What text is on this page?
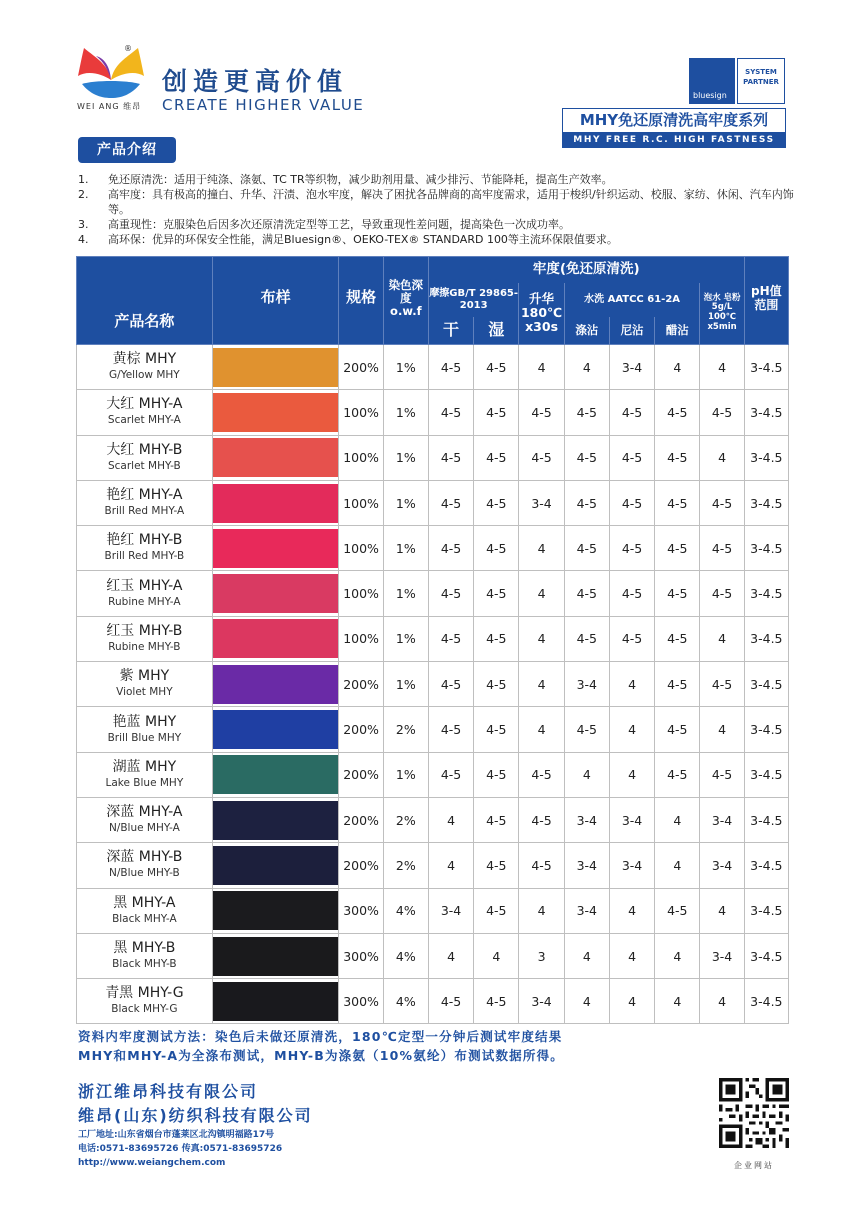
®
WEI ANG 维昂
创造更高价值
CREATE HIGHER VALUE
bluesign
SYSTEM
PARTNER
MHY免还原清洗高牢度系列
MHY FREE R.C. HIGH FASTNESS
产品介绍
1.	免还原清洗：适用于纯涤、涤氨、TC TR等织物，减少助剂用量、减少排污、节能降耗，提高生产效率。
2.	高牢度：具有极高的撞白、升华、汗渍、泡水牢度，解决了困扰各品牌商的高牢度需求，适用于梭织/针织运动、校服、家纺、休闲、汽车内饰等。
3.	高重现性：克服染色后因多次还原清洗定型等工艺，导致重现性差问题，提高染色一次成功率。
4.	高环保：优异的环保安全性能，满足Bluesign®、OEKO-TEX® STANDARD 100等主流环保限值要求。
产品名称	布样	规格	染色深度 o.w.f	牢度(免还原清洗)							pH值 范围
				摩擦GB/T 29865-2013		升华 180℃ x30s	水洗 AATCC 61-2A			泡水 皂粉 5g/L 100℃ x5min	
				干	湿		涤沾	尼沾	醋沾		

黄棕 MHY
G/Yellow MHY		200%	1%	4-5	4-5	4	4	3-4	4	4	3-4.5

大红 MHY-A
Scarlet MHY-A		100%	1%	4-5	4-5	4-5	4-5	4-5	4-5	4-5	3-4.5

大红 MHY-B
Scarlet MHY-B		100%	1%	4-5	4-5	4-5	4-5	4-5	4-5	4	3-4.5

艳红 MHY-A
Brill Red MHY-A		100%	1%	4-5	4-5	3-4	4-5	4-5	4-5	4-5	3-4.5

艳红 MHY-B
Brill Red MHY-B		100%	1%	4-5	4-5	4	4-5	4-5	4-5	4-5	3-4.5

红玉 MHY-A
Rubine MHY-A		100%	1%	4-5	4-5	4	4-5	4-5	4-5	4-5	3-4.5

红玉 MHY-B
Rubine MHY-B		100%	1%	4-5	4-5	4	4-5	4-5	4-5	4	3-4.5

紫 MHY
Violet MHY		200%	1%	4-5	4-5	4	3-4	4	4-5	4-5	3-4.5

艳蓝 MHY
Brill Blue MHY		200%	2%	4-5	4-5	4	4-5	4	4-5	4	3-4.5

湖蓝 MHY
Lake Blue MHY		200%	1%	4-5	4-5	4-5	4	4	4-5	4-5	3-4.5

深蓝 MHY-A
N/Blue MHY-A		200%	2%	4	4-5	4-5	3-4	3-4	4	3-4	3-4.5

深蓝 MHY-B
N/Blue MHY-B		200%	2%	4	4-5	4-5	3-4	3-4	4	3-4	3-4.5

黑 MHY-A
Black MHY-A		300%	4%	3-4	4-5	4	3-4	4	4-5	4	3-4.5

黑 MHY-B
Black MHY-B		300%	4%	4	4	3	4	4	4	3-4	3-4.5

青黑 MHY-G
Black MHY-G		300%	4%	4-5	4-5	3-4	4	4	4	4	3-4.5
资料内牢度测试方法：染色后未做还原清洗，180℃定型一分钟后测试牢度结果
MHY和MHY-A为全涤布测试，MHY-B为涤氨（10%氨纶）布测试数据所得。
浙江维昂科技有限公司
维昂(山东)纺织科技有限公司
工厂地址:山东省烟台市蓬莱区北沟镇明福路17号
电话:0571-83695726 传真:0571-83695726
http://www.weiangchem.com	企业网站
